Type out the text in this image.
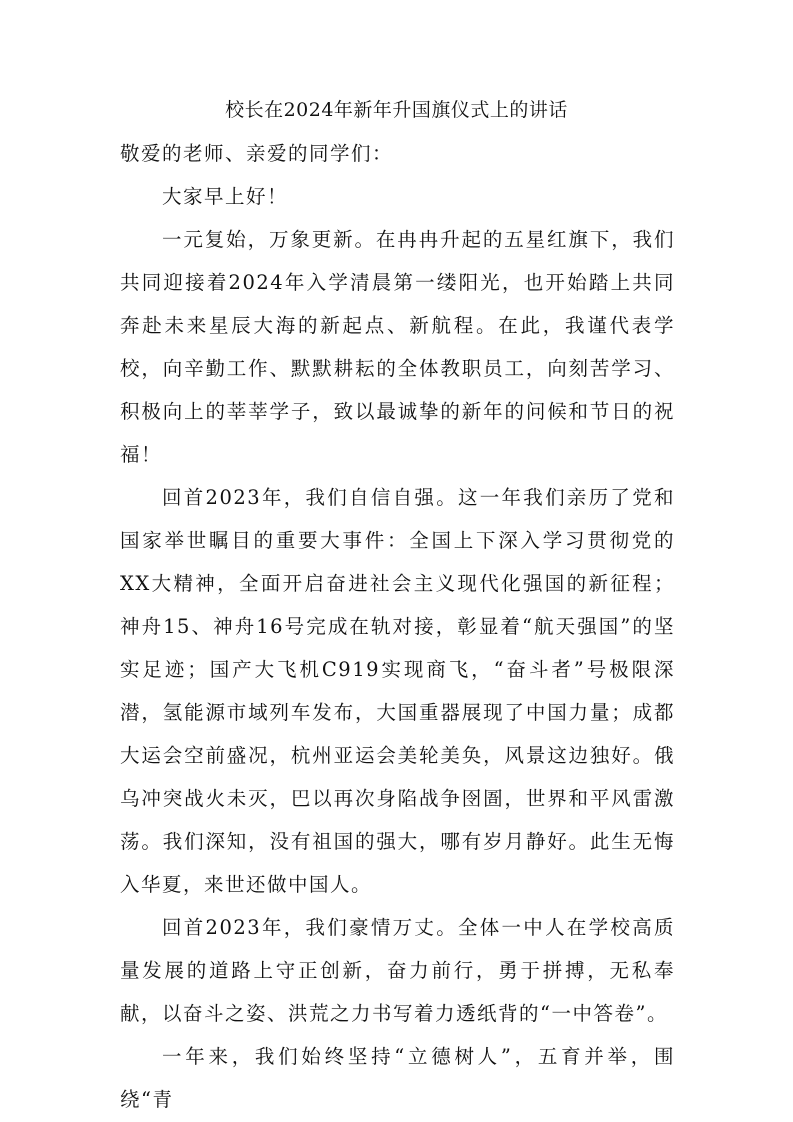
校长在2024年新年升国旗仪式上的讲话

敬爱的老师、亲爱的同学们：

大家早上好！

一元复始，万象更新。在冉冉升起的五星红旗下，我们共同迎接着2024年入学清晨第一缕阳光，也开始踏上共同奔赴未来星辰大海的新起点、新航程。在此，我谨代表学校，向辛勤工作、默默耕耘的全体教职员工，向刻苦学习、积极向上的莘莘学子，致以最诚挚的新年的问候和节日的祝福！

回首2023年，我们自信自强。这一年我们亲历了党和国家举世瞩目的重要大事件：全国上下深入学习贯彻党的XX大精神，全面开启奋进社会主义现代化强国的新征程；神舟15、神舟16号完成在轨对接，彰显着“航天强国”的坚实足迹；国产大飞机C919实现商飞，“奋斗者”号极限深潜，氢能源市域列车发布，大国重器展现了中国力量；成都大运会空前盛况，杭州亚运会美轮美奂，风景这边独好。俄乌冲突战火未灭，巴以再次身陷战争囹圄，世界和平风雷激荡。我们深知，没有祖国的强大，哪有岁月静好。此生无悔入华夏，来世还做中国人。

回首2023年，我们豪情万丈。全体一中人在学校高质量发展的道路上守正创新，奋力前行，勇于拼搏，无私奉献，以奋斗之姿、洪荒之力书写着力透纸背的“一中答卷”。

一年来，我们始终坚持“立德树人”，五育并举，围绕“青
